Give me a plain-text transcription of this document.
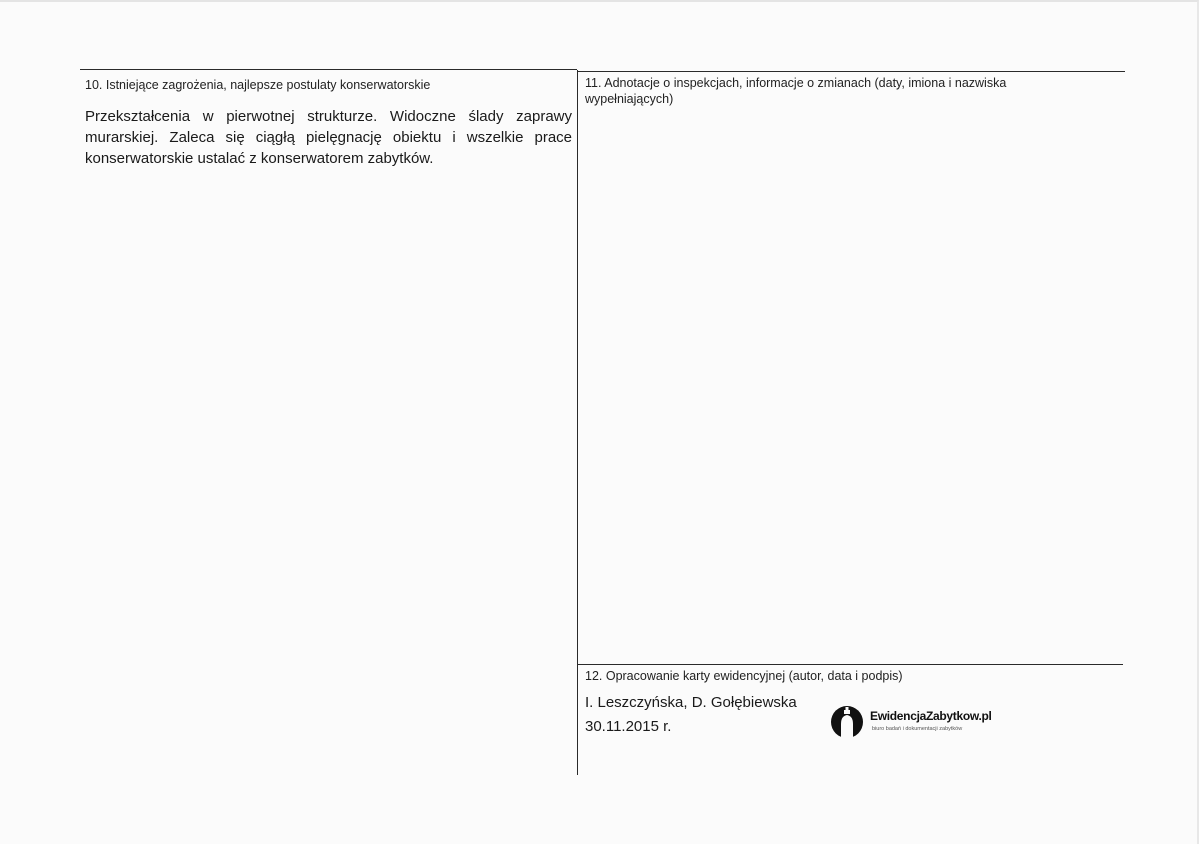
10. Istniejące zagrożenia, najlepsze postulaty konserwatorskie
Przekształcenia w pierwotnej strukturze. Widoczne ślady zaprawy murarskiej. Zaleca się ciągłą pielęgnację obiektu i wszelkie prace konserwatorskie ustalać z konserwatorem zabytków.
11. Adnotacje o inspekcjach, informacje o zmianach (daty, imiona i nazwiska wypełniających)
12. Opracowanie karty ewidencyjnej (autor, data i podpis)
I. Leszczyńska, D. Gołębiewska
30.11.2015 r.
EwidencjaZabytkow.pl
biuro badań i dokumentacji zabytków
